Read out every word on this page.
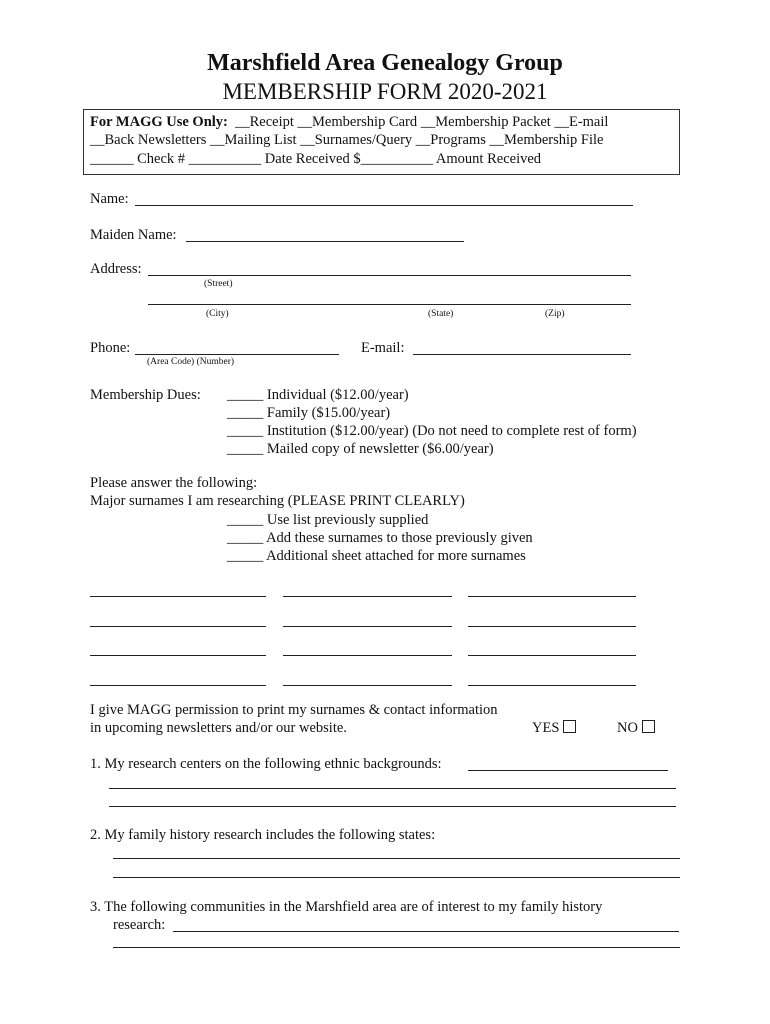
Marshfield Area Genealogy Group
MEMBERSHIP FORM 2020-2021
For MAGG Use Only: __Receipt __Membership Card __Membership Packet __E-mail
__Back Newsletters __Mailing List __Surnames/Query __Programs __Membership File
______ Check # __________ Date Received $__________ Amount Received
Name:
Maiden Name:
Address:
(Street)
(City)	(State)	(Zip)
Phone:
(Area Code) (Number)
E-mail:
Membership Dues: _____ Individual ($12.00/year)
_____ Family ($15.00/year)
_____ Institution ($12.00/year) (Do not need to complete rest of form)
_____ Mailed copy of newsletter ($6.00/year)
Please answer the following:
Major surnames I am researching (PLEASE PRINT CLEARLY)
_____ Use list previously supplied
_____ Add these surnames to those previously given
_____ Additional sheet attached for more surnames
I give MAGG permission to print my surnames & contact information
in upcoming newsletters and/or our website.	YES	NO
1. My research centers on the following ethnic backgrounds:
2. My family history research includes the following states:
3. The following communities in the Marshfield area are of interest to my family history
research:
